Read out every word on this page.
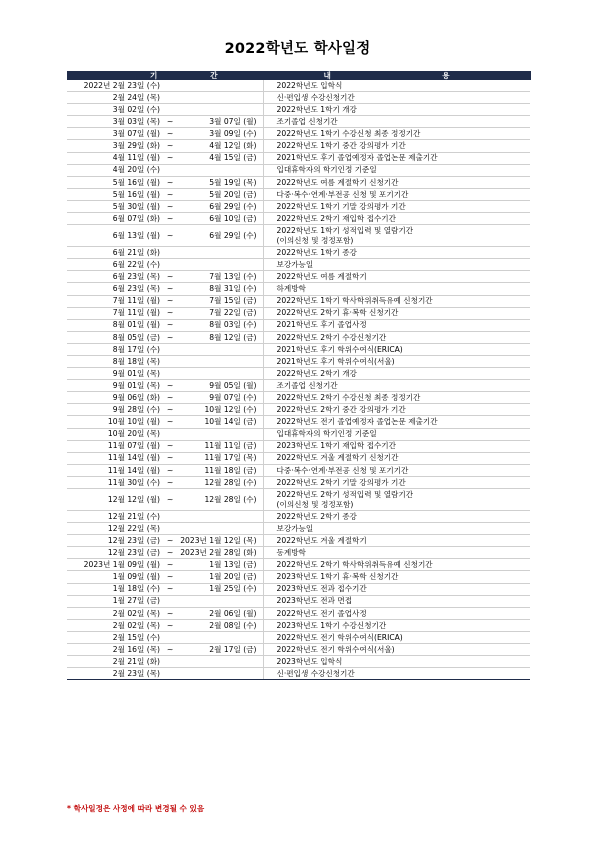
2022학년도 학사일정
기 간			내 용

2022년 2월 23일 (수)			2022학년도 입학식
2월 24일 (목)			신·편입생 수강신청기간
3월 02일 (수)			2022학년도 1학기 개강
3월 03일 (목)	~	3월 07일 (월)	조기졸업 신청기간
3월 07일 (월)	~	3월 09일 (수)	2022학년도 1학기 수강신청 최종 정정기간
3월 29일 (화)	~	4월 12일 (화)	2022학년도 1학기 중간 강의평가 기간
4월 11일 (월)	~	4월 15일 (금)	2021학년도 후기 졸업예정자 졸업논문 제출기간
4월 20일 (수)			입대휴학자의 학기인정 기준일
5월 16일 (월)	~	5월 19일 (목)	2022학년도 여름 계절학기 신청기간
5월 16일 (월)	~	5월 20일 (금)	다중·복수·연계·부전공 신청 및 포기기간
5월 30일 (월)	~	6월 29일 (수)	2022학년도 1학기 기말 강의평가 기간
6월 07일 (화)	~	6월 10일 (금)	2022학년도 2학기 재입학 접수기간
6월 13일 (월)	~	6월 29일 (수)	2022학년도 1학기 성적입력 및 열람기간
(이의신청 및 정정포함)

6월 21일 (화)			2022학년도 1학기 종강
6월 22일 (수)			보강가능일
6월 23일 (목)	~	7월 13일 (수)	2022학년도 여름 계절학기
6월 23일 (목)	~	8월 31일 (수)	하계방학
7월 11일 (월)	~	7월 15일 (금)	2022학년도 1학기 학사학위취득유예 신청기간
7월 11일 (월)	~	7월 22일 (금)	2022학년도 2학기 휴·복학 신청기간
8월 01일 (월)	~	8월 03일 (수)	2021학년도 후기 졸업사정
8월 05일 (금)	~	8월 12일 (금)	2022학년도 2학기 수강신청기간
8월 17일 (수)			2021학년도 후기 학위수여식(ERICA)
8월 18일 (목)			2021학년도 후기 학위수여식(서울)
9월 01일 (목)			2022학년도 2학기 개강
9월 01일 (목)	~	9월 05일 (월)	조기졸업 신청기간
9월 06일 (화)	~	9월 07일 (수)	2022학년도 2학기 수강신청 최종 정정기간
9월 28일 (수)	~	10월 12일 (수)	2022학년도 2학기 중간 강의평가 기간
10월 10일 (월)	~	10월 14일 (금)	2022학년도 전기 졸업예정자 졸업논문 제출기간
10월 20일 (목)			입대휴학자의 학기인정 기준일
11월 07일 (월)	~	11월 11일 (금)	2023학년도 1학기 재입학 접수기간
11월 14일 (월)	~	11월 17일 (목)	2022학년도 겨울 계절학기 신청기간
11월 14일 (월)	~	11월 18일 (금)	다중·복수·연계·부전공 신청 및 포기기간
11월 30일 (수)	~	12월 28일 (수)	2022학년도 2학기 기말 강의평가 기간
12월 12일 (월)	~	12월 28일 (수)	2022학년도 2학기 성적입력 및 열람기간
(이의신청 및 정정포함)

12월 21일 (수)			2022학년도 2학기 종강
12월 22일 (목)			보강가능일
12월 23일 (금)	~	2023년 1월 12일 (목)	2022학년도 겨울 계절학기
12월 23일 (금)	~	2023년 2월 28일 (화)	동계방학
2023년 1월 09일 (월)	~	1월 13일 (금)	2022학년도 2학기 학사학위취득유예 신청기간
1월 09일 (월)	~	1월 20일 (금)	2023학년도 1학기 휴·복학 신청기간
1월 18일 (수)	~	1월 25일 (수)	2023학년도 전과 접수기간
1월 27일 (금)			2023학년도 전과 면접
2월 02일 (목)	~	2월 06일 (월)	2022학년도 전기 졸업사정
2월 02일 (목)	~	2월 08일 (수)	2023학년도 1학기 수강신청기간
2월 15일 (수)			2022학년도 전기 학위수여식(ERICA)
2월 16일 (목)	~	2월 17일 (금)	2022학년도 전기 학위수여식(서울)
2월 21일 (화)			2023학년도 입학식
2월 23일 (목)			신·편입생 수강신청기간
* 학사일정은 사정에 따라 변경될 수 있음
